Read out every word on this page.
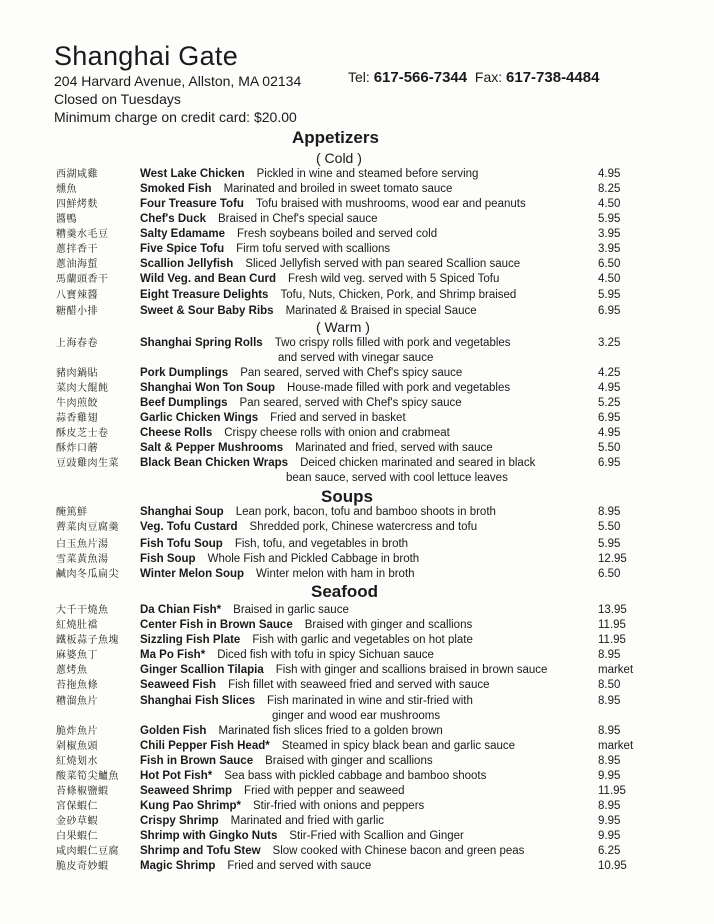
Shanghai Gate
204 Harvard Avenue, Allston, MA 02134	Tel: 617-566-7344 Fax: 617-738-4484
Closed on Tuesdays
Minimum charge on credit card: $20.00
Appetizers
( Cold )
( Warm )
Soups
Seafood
西湖咸雞	West Lake Chicken Pickled in wine and steamed before serving	4.95
燻魚	Smoked Fish Marinated and broiled in sweet tomato sauce	8.25
四鮮烤麩	Four Treasure Tofu Tofu braised with mushrooms, wood ear and peanuts	4.50
醬鴨	Chef's Duck Braised in Chef's special sauce	5.95
糟羹水毛豆	Salty Edamame Fresh soybeans boiled and served cold	3.95
蔥拌香干	Five Spice Tofu Firm tofu served with scallions	3.95
蔥油海蜇	Scallion Jellyfish Sliced Jellyfish served with pan seared Scallion sauce	6.50
馬蘭頭香干	Wild Veg. and Bean Curd Fresh wild veg. served with 5 Spiced Tofu	4.50
八寶辣醬	Eight Treasure Delights Tofu, Nuts, Chicken, Pork, and Shrimp braised	5.95
糖醋小排	Sweet & Sour Baby Ribs Marinated & Braised in special Sauce	6.95
上海春卷	Shanghai Spring Rolls Two crispy rolls filled with pork and vegetables	3.25
and served with vinegar sauce
豬肉鍋貼	Pork Dumplings Pan seared, served with Chef's spicy sauce	4.25
菜肉大餛飩	Shanghai Won Ton Soup House-made filled with pork and vegetables	4.95
牛肉煎餃	Beef Dumplings Pan seared, served with Chef's spicy sauce	5.25
蒜香雞翅	Garlic Chicken Wings Fried and served in basket	6.95
酥皮芝士卷	Cheese Rolls Crispy cheese rolls with onion and crabmeat	4.95
酥炸口蘑	Salt & Pepper Mushrooms Marinated and fried, served with sauce	5.50
豆豉雞肉生菜	Black Bean Chicken Wraps Deiced chicken marinated and seared in black	6.95
bean sauce, served with cool lettuce leaves
醃篤鮮	Shanghai Soup Lean pork, bacon, tofu and bamboo shoots in broth	8.95
薺菜肉豆腐羹	Veg. Tofu Custard Shredded pork, Chinese watercress and tofu	5.50
白玉魚片湯	Fish Tofu Soup Fish, tofu, and vegetables in broth	5.95
雪菜黃魚湯	Fish Soup Whole Fish and Pickled Cabbage in broth	12.95
鹹肉冬瓜扁尖	Winter Melon Soup Winter melon with ham in broth	6.50
大千干燒魚	Da Chian Fish* Braised in garlic sauce	13.95
紅燒肚襠	Center Fish in Brown Sauce Braised with ginger and scallions	11.95
鐵板蒜子魚塊	Sizzling Fish Plate Fish with garlic and vegetables on hot plate	11.95
麻婆魚丁	Ma Po Fish* Diced fish with tofu in spicy Sichuan sauce	8.95
蔥烤魚	Ginger Scallion Tilapia Fish with ginger and scallions braised in brown sauce	market
苔拖魚條	Seaweed Fish Fish fillet with seaweed fried and served with sauce	8.50
糟溜魚片	Shanghai Fish Slices Fish marinated in wine and stir-fried with	8.95
ginger and wood ear mushrooms
脆炸魚片	Golden Fish Marinated fish slices fried to a golden brown	8.95
剁椒魚頭	Chili Pepper Fish Head* Steamed in spicy black bean and garlic sauce	market
紅燒划水	Fish in Brown Sauce Braised with ginger and scallions	8.95
酸菜筍尖鱸魚	Hot Pot Fish* Sea bass with pickled cabbage and bamboo shoots	9.95
苔條椒鹽蝦	Seaweed Shrimp Fried with pepper and seaweed	11.95
宮保蝦仁	Kung Pao Shrimp* Stir-fried with onions and peppers	8.95
金砂草蝦	Crispy Shrimp Marinated and fried with garlic	9.95
白果蝦仁	Shrimp with Gingko Nuts Stir-Fried with Scallion and Ginger	9.95
咸肉蝦仁豆腐	Shrimp and Tofu Stew Slow cooked with Chinese bacon and green peas	6.25
脆皮奇妙蝦	Magic Shrimp Fried and served with sauce	10.95
